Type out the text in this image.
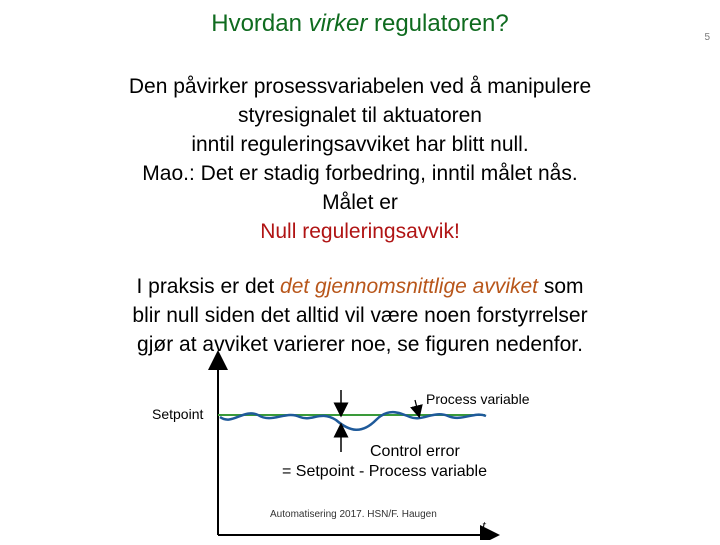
Hvordan virker regulatoren?
5
Den påvirker prosessvariabelen ved å manipulere
styresignalet til aktuatoren
inntil reguleringsavviket har blitt null.
Mao.: Det er stadig forbedring, inntil målet nås.
Målet er
Null reguleringsavvik!
I praksis er det det gjennomsnittlige avviket som
blir null siden det alltid vil være noen forstyrrelser
gjør at avviket varierer noe, se figuren nedenfor.
Setpoint
Process variable
Control error
= Setpoint - Process variable
t
Automatisering 2017. HSN/F. Haugen
